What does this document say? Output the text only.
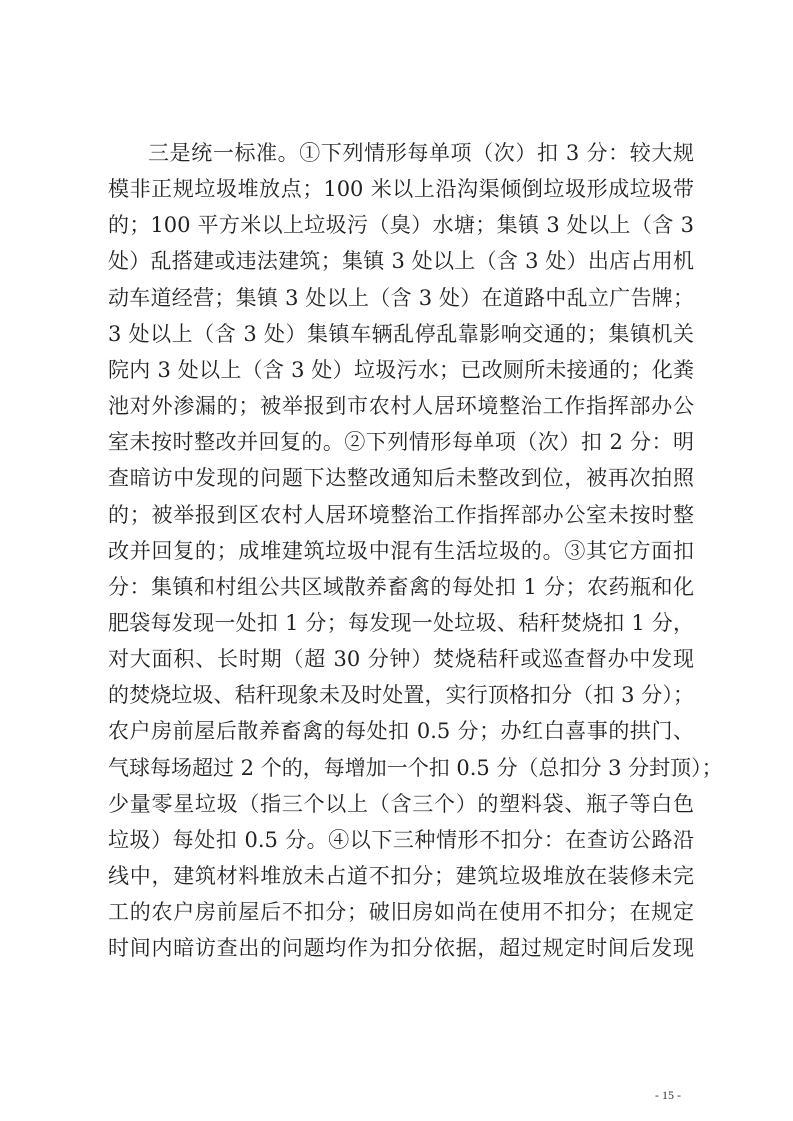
三是统一标准。①下列情形每单项（次）扣 3 分：较大规
模非正规垃圾堆放点；100 米以上沿沟渠倾倒垃圾形成垃圾带
的；100 平方米以上垃圾污（臭）水塘；集镇 3 处以上（含 3
处）乱搭建或违法建筑；集镇 3 处以上（含 3 处）出店占用机
动车道经营；集镇 3 处以上（含 3 处）在道路中乱立广告牌；
3 处以上（含 3 处）集镇车辆乱停乱靠影响交通的；集镇机关
院内 3 处以上（含 3 处）垃圾污水；已改厕所未接通的；化粪
池对外渗漏的；被举报到市农村人居环境整治工作指挥部办公
室未按时整改并回复的。②下列情形每单项（次）扣 2 分：明
查暗访中发现的问题下达整改通知后未整改到位，被再次拍照
的；被举报到区农村人居环境整治工作指挥部办公室未按时整
改并回复的；成堆建筑垃圾中混有生活垃圾的。③其它方面扣
分：集镇和村组公共区域散养畜禽的每处扣 1 分；农药瓶和化
肥袋每发现一处扣 1 分；每发现一处垃圾、秸秆焚烧扣 1 分，
对大面积、长时期（超 30 分钟）焚烧秸秆或巡查督办中发现
的焚烧垃圾、秸秆现象未及时处置，实行顶格扣分（扣 3 分）；
农户房前屋后散养畜禽的每处扣 0.5 分；办红白喜事的拱门、
气球每场超过 2 个的，每增加一个扣 0.5 分（总扣分 3 分封顶）；
少量零星垃圾（指三个以上（含三个）的塑料袋、瓶子等白色
垃圾）每处扣 0.5 分。④以下三种情形不扣分：在查访公路沿
线中，建筑材料堆放未占道不扣分；建筑垃圾堆放在装修未完
工的农户房前屋后不扣分；破旧房如尚在使用不扣分；在规定
时间内暗访查出的问题均作为扣分依据，超过规定时间后发现
- 15 -
